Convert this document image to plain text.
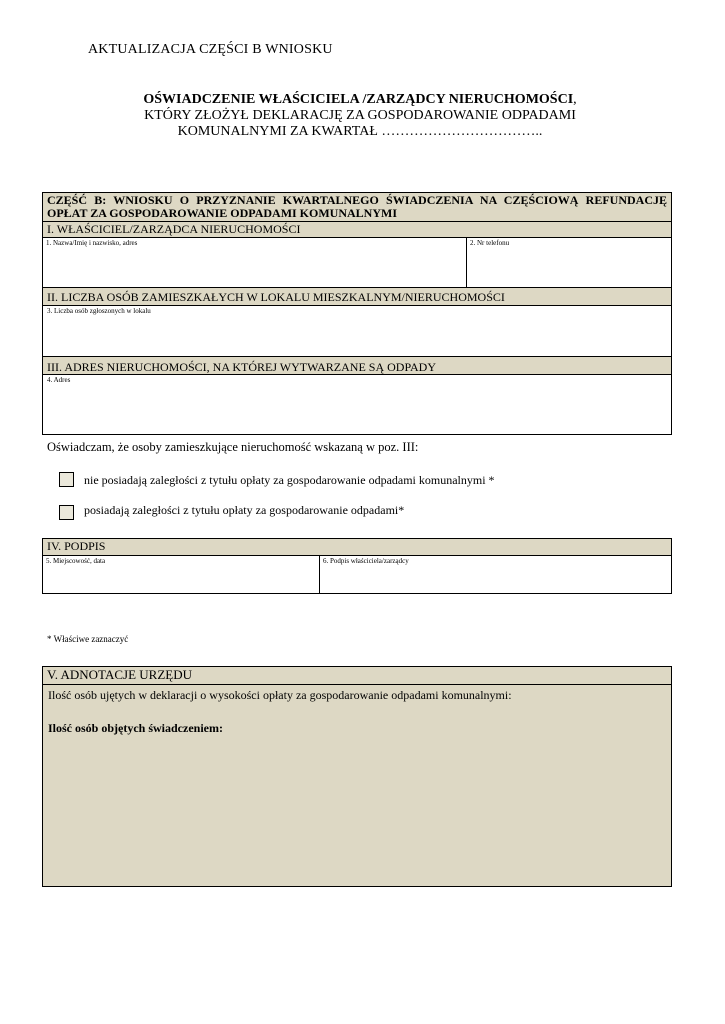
AKTUALIZACJA CZĘŚCI B WNIOSKU
OŚWIADCZENIE WŁAŚCICIELA /ZARZĄDCY NIERUCHOMOŚCI,
KTÓRY ZŁOŻYŁ DEKLARACJĘ ZA GOSPODAROWANIE ODPADAMI
KOMUNALNYMI ZA KWARTAŁ ……………………………..
CZĘŚĆ B: WNIOSKU O PRZYZNANIE KWARTALNEGO ŚWIADCZENIA NA CZĘŚCIOWĄ REFUNDACJĘ OPŁAT ZA GOSPODAROWANIE ODPADAMI KOMUNALNYMI
I. WŁAŚCICIEL/ZARZĄDCA NIERUCHOMOŚCI
1. Nazwa/Imię i nazwisko, adres	2. Nr telefonu
II. LICZBA OSÓB ZAMIESZKAŁYCH W LOKALU MIESZKALNYM/NIERUCHOMOŚCI
3. Liczba osób zgłoszonych w lokalu
III. ADRES NIERUCHOMOŚCI, NA KTÓREJ WYTWARZANE SĄ ODPADY
4. Adres
Oświadczam, że osoby zamieszkujące nieruchomość wskazaną w poz. III:
nie posiadają zaległości z tytułu opłaty za gospodarowanie odpadami komunalnymi *
posiadają zaległości z tytułu opłaty za gospodarowanie odpadami*
IV. PODPIS
5. Miejscowość, data	6. Podpis właściciela/zarządcy
* Właściwe zaznaczyć
V. ADNOTACJE URZĘDU
Ilość osób ujętych w deklaracji o wysokości opłaty za gospodarowanie odpadami komunalnymi:
Ilość osób objętych świadczeniem:
